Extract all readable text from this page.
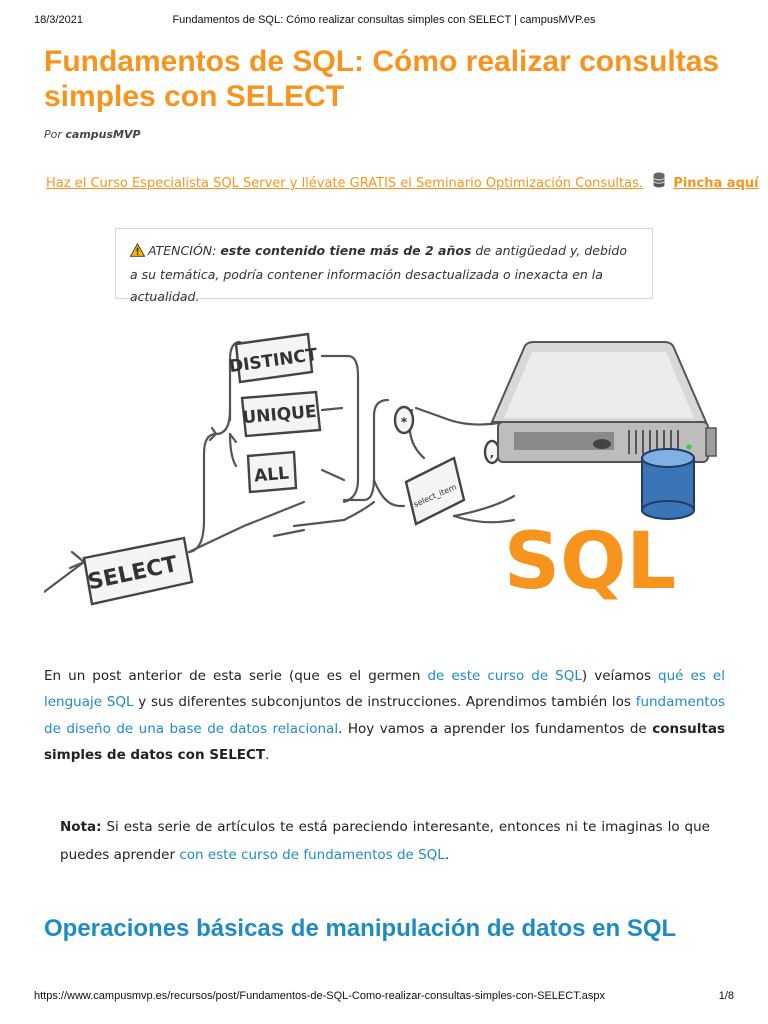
18/3/2021	Fundamentos de SQL: Cómo realizar consultas simples con SELECT | campusMVP.es
Fundamentos de SQL: Cómo realizar consultas simples con SELECT
Por campusMVP
Haz el Curso Especialista SQL Server y llévate GRATIS el Seminario Optimización Consultas. Pincha aquí
ATENCIÓN: este contenido tiene más de 2 años de antigüedad y, debido a su temática, podría contener información desactualizada o inexacta en la actualidad.
SELECT
DISTINCT
UNIQUE
ALL
*
select_item
,
SQL

En un post anterior de esta serie (que es el germen de este curso de SQL) veíamos qué es el lenguaje SQL y sus diferentes subconjuntos de instrucciones. Aprendimos también los fundamentos de diseño de una base de datos relacional. Hoy vamos a aprender los fundamentos de consultas simples de datos con SELECT.

Nota: Si esta serie de artículos te está pareciendo interesante, entonces ni te imaginas lo que puedes aprender con este curso de fundamentos de SQL.

Operaciones básicas de manipulación de datos en SQL
https://www.campusmvp.es/recursos/post/Fundamentos-de-SQL-Como-realizar-consultas-simples-con-SELECT.aspx	1/8
